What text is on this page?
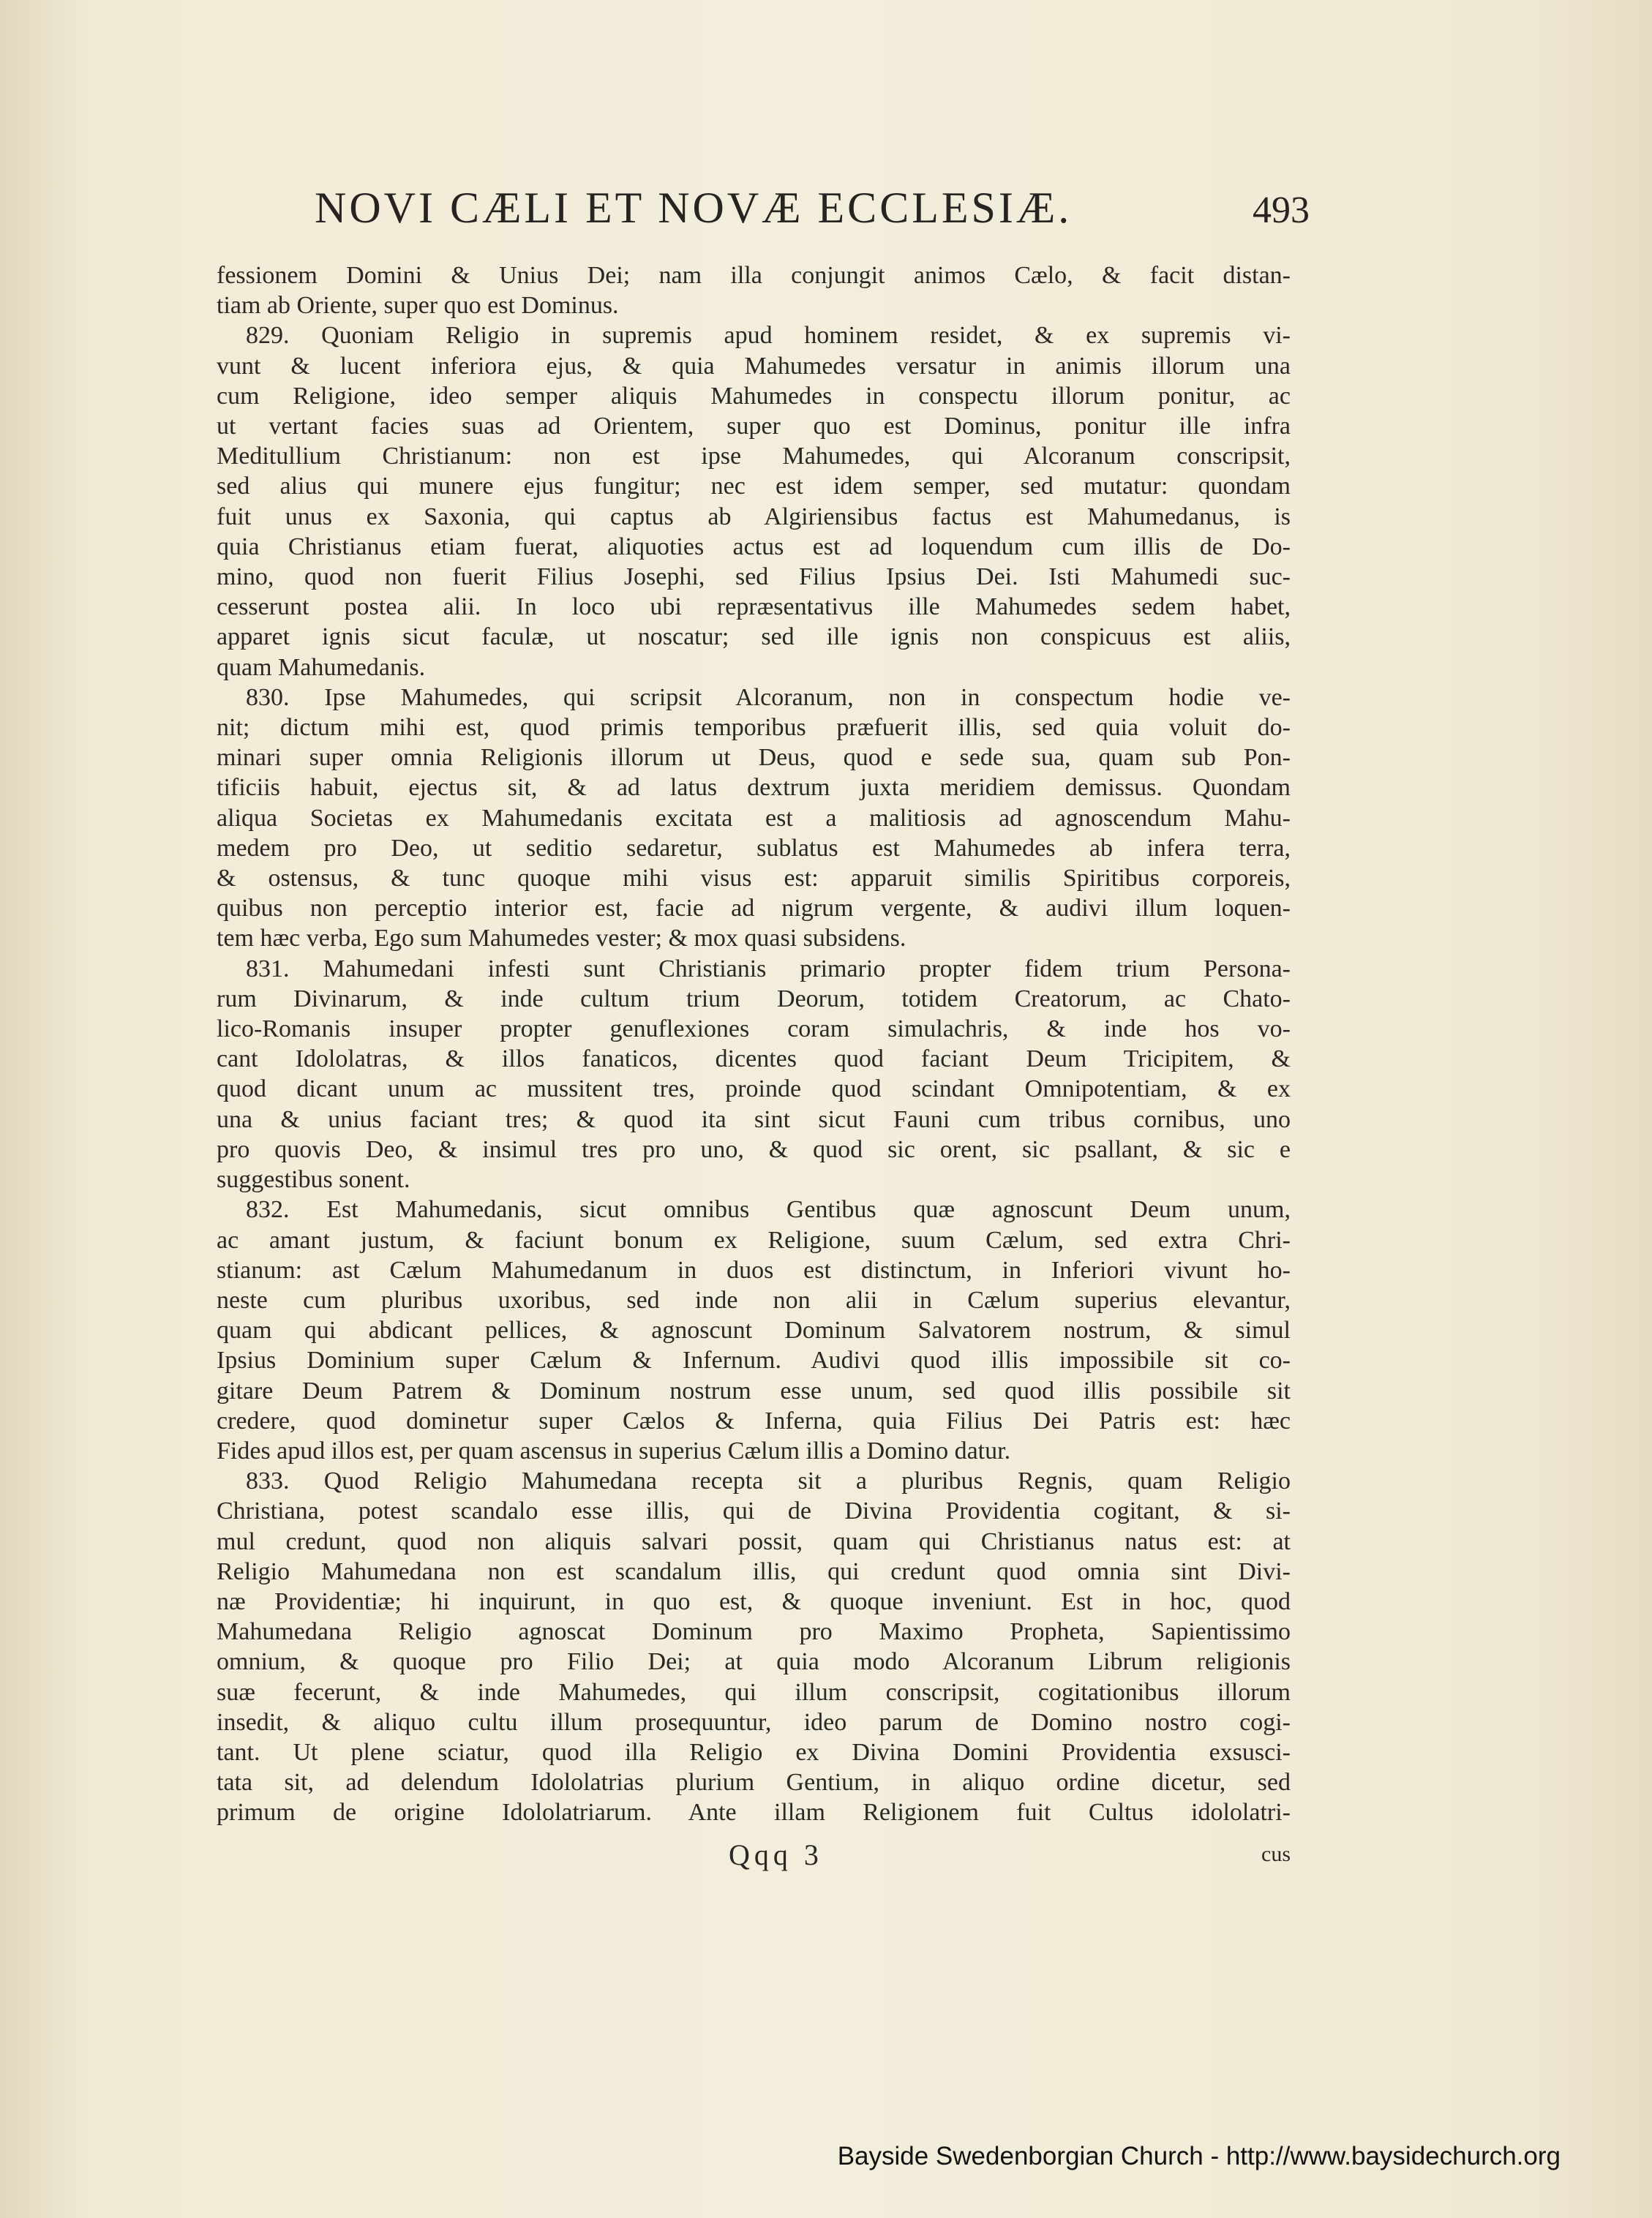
NOVI CÆLI ET NOVÆ ECCLESIÆ.	493
fessionem Domini & Unius Dei; nam illa conjungit animos Cælo, & facit distan-
tiam ab Oriente, super quo est Dominus.
829. Quoniam Religio in supremis apud hominem residet, & ex supremis vi-
vunt & lucent inferiora ejus, & quia Mahumedes versatur in animis illorum una
cum Religione, ideo semper aliquis Mahumedes in conspectu illorum ponitur, ac
ut vertant facies suas ad Orientem, super quo est Dominus, ponitur ille infra
Meditullium Christianum: non est ipse Mahumedes, qui Alcoranum conscripsit,
sed alius qui munere ejus fungitur; nec est idem semper, sed mutatur: quondam
fuit unus ex Saxonia, qui captus ab Algiriensibus factus est Mahumedanus, is
quia Christianus etiam fuerat, aliquoties actus est ad loquendum cum illis de Do-
mino, quod non fuerit Filius Josephi, sed Filius Ipsius Dei. Isti Mahumedi suc-
cesserunt postea alii. In loco ubi repræsentativus ille Mahumedes sedem habet,
apparet ignis sicut faculæ, ut noscatur; sed ille ignis non conspicuus est aliis,
quam Mahumedanis.
830. Ipse Mahumedes, qui scripsit Alcoranum, non in conspectum hodie ve-
nit; dictum mihi est, quod primis temporibus præfuerit illis, sed quia voluit do-
minari super omnia Religionis illorum ut Deus, quod e sede sua, quam sub Pon-
tificiis habuit, ejectus sit, & ad latus dextrum juxta meridiem demissus. Quondam
aliqua Societas ex Mahumedanis excitata est a malitiosis ad agnoscendum Mahu-
medem pro Deo, ut seditio sedaretur, sublatus est Mahumedes ab infera terra,
& ostensus, & tunc quoque mihi visus est: apparuit similis Spiritibus corporeis,
quibus non perceptio interior est, facie ad nigrum vergente, & audivi illum loquen-
tem hæc verba, Ego sum Mahumedes vester; & mox quasi subsidens.
831. Mahumedani infesti sunt Christianis primario propter fidem trium Persona-
rum Divinarum, & inde cultum trium Deorum, totidem Creatorum, ac Chato-
lico-Romanis insuper propter genuflexiones coram simulachris, & inde hos vo-
cant Idololatras, & illos fanaticos, dicentes quod faciant Deum Tricipitem, &
quod dicant unum ac mussitent tres, proinde quod scindant Omnipotentiam, & ex
una & unius faciant tres; & quod ita sint sicut Fauni cum tribus cornibus, uno
pro quovis Deo, & insimul tres pro uno, & quod sic orent, sic psallant, & sic e
suggestibus sonent.
832. Est Mahumedanis, sicut omnibus Gentibus quæ agnoscunt Deum unum,
ac amant justum, & faciunt bonum ex Religione, suum Cælum, sed extra Chri-
stianum: ast Cælum Mahumedanum in duos est distinctum, in Inferiori vivunt ho-
neste cum pluribus uxoribus, sed inde non alii in Cælum superius elevantur,
quam qui abdicant pellices, & agnoscunt Dominum Salvatorem nostrum, & simul
Ipsius Dominium super Cælum & Infernum. Audivi quod illis impossibile sit co-
gitare Deum Patrem & Dominum nostrum esse unum, sed quod illis possibile sit
credere, quod dominetur super Cælos & Inferna, quia Filius Dei Patris est: hæc
Fides apud illos est, per quam ascensus in superius Cælum illis a Domino datur.
833. Quod Religio Mahumedana recepta sit a pluribus Regnis, quam Religio
Christiana, potest scandalo esse illis, qui de Divina Providentia cogitant, & si-
mul credunt, quod non aliquis salvari possit, quam qui Christianus natus est: at
Religio Mahumedana non est scandalum illis, qui credunt quod omnia sint Divi-
næ Providentiæ; hi inquirunt, in quo est, & quoque inveniunt. Est in hoc, quod
Mahumedana Religio agnoscat Dominum pro Maximo Propheta, Sapientissimo
omnium, & quoque pro Filio Dei; at quia modo Alcoranum Librum religionis
suæ fecerunt, & inde Mahumedes, qui illum conscripsit, cogitationibus illorum
insedit, & aliquo cultu illum prosequuntur, ideo parum de Domino nostro cogi-
tant. Ut plene sciatur, quod illa Religio ex Divina Domini Providentia exsusci-
tata sit, ad delendum Idololatrias plurium Gentium, in aliquo ordine dicetur, sed
primum de origine Idololatriarum. Ante illam Religionem fuit Cultus idololatri-
Qqq 3	cus
Bayside Swedenborgian Church - http://www.baysidechurch.org
